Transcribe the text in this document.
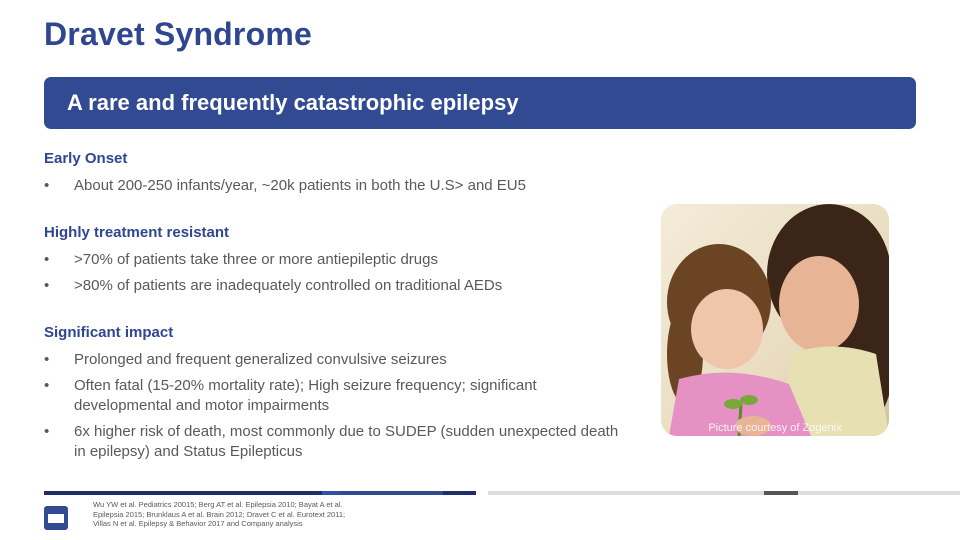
Dravet Syndrome
A rare and frequently catastrophic epilepsy

Early Onset

• About 200-250 infants/year, ~20k patients in both the U.S> and EU5

Highly treatment resistant

• >70% of patients take three or more antiepileptic drugs
• >80% of patients are inadequately controlled on traditional AEDs

Significant impact

• Prolonged and frequent generalized convulsive seizures
• Often fatal (15-20% mortality rate); High seizure frequency; significant developmental and motor impairments
• 6x higher risk of death, most commonly due to SUDEP (sudden unexpected death in epilepsy) and Status Epilepticus
Picture courtesy of Zogenix
Wu YW et al. Pediatrics 20015; Berg AT et al. Epilepsia 2010; Bayat A et al. Epilepsia 2015; Brunklaus A et al. Brain 2012; Dravet C et al. Eurotext 2011; Villas N et al. Epilepsy & Behavior 2017 and Company analysis
